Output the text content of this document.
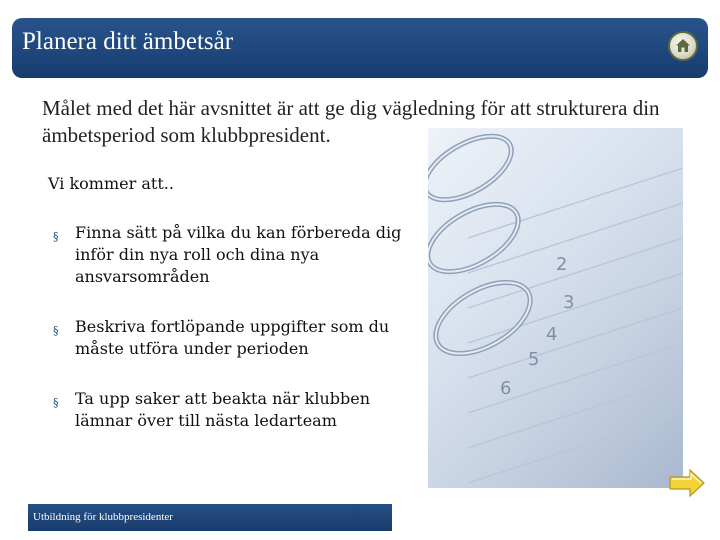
Planera ditt ämbetsår
2
3
4
5
6
Målet med det här avsnittet är att ge dig vägledning för att strukturera din ämbetsperiod som klubbpresident.
Vi kommer att..
§ Finna sätt på vilka du kan förbereda dig inför din nya roll och dina nya ansvarsområden
§ Beskriva fortlöpande uppgifter som du måste utföra under perioden
§ Ta upp saker att beakta när klubben lämnar över till nästa ledarteam
Utbildning för klubbpresidenter	65
